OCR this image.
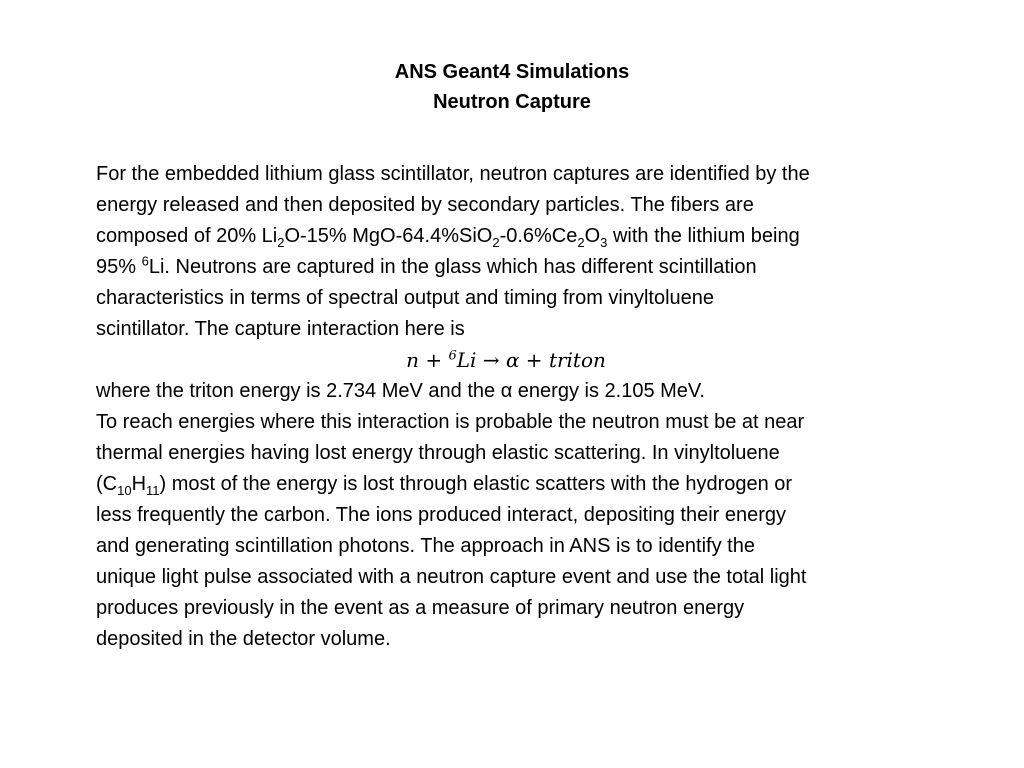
ANS Geant4 Simulations
Neutron Capture
For the embedded lithium glass scintillator, neutron captures are identified by the
energy released and then deposited by secondary particles. The fibers are
composed of 20% $Li_2O-15\%$ MgO-$64.4\%SiO_2-0.6\%Ce_2O_3$ with the lithium being
95% $^6$Li. Neutrons are captured in the glass which has different scintillation
characteristics in terms of spectral output and timing from vinyltoluene
scintillator. The capture interaction here is
n + $^6$Li → α + triton
where the triton energy is 2.734 MeV and the α energy is 2.105 MeV.
To reach energies where this interaction is probable the neutron must be at near
thermal energies having lost energy through elastic scattering. In vinyltoluene
$(C_{10}H_{11})$ most of the energy is lost through elastic scatters with the hydrogen or
less frequently the carbon. The ions produced interact, depositing their energy
and generating scintillation photons. The approach in ANS is to identify the
unique light pulse associated with a neutron capture event and use the total light
produces previously in the event as a measure of primary neutron energy
deposited in the detector volume.
